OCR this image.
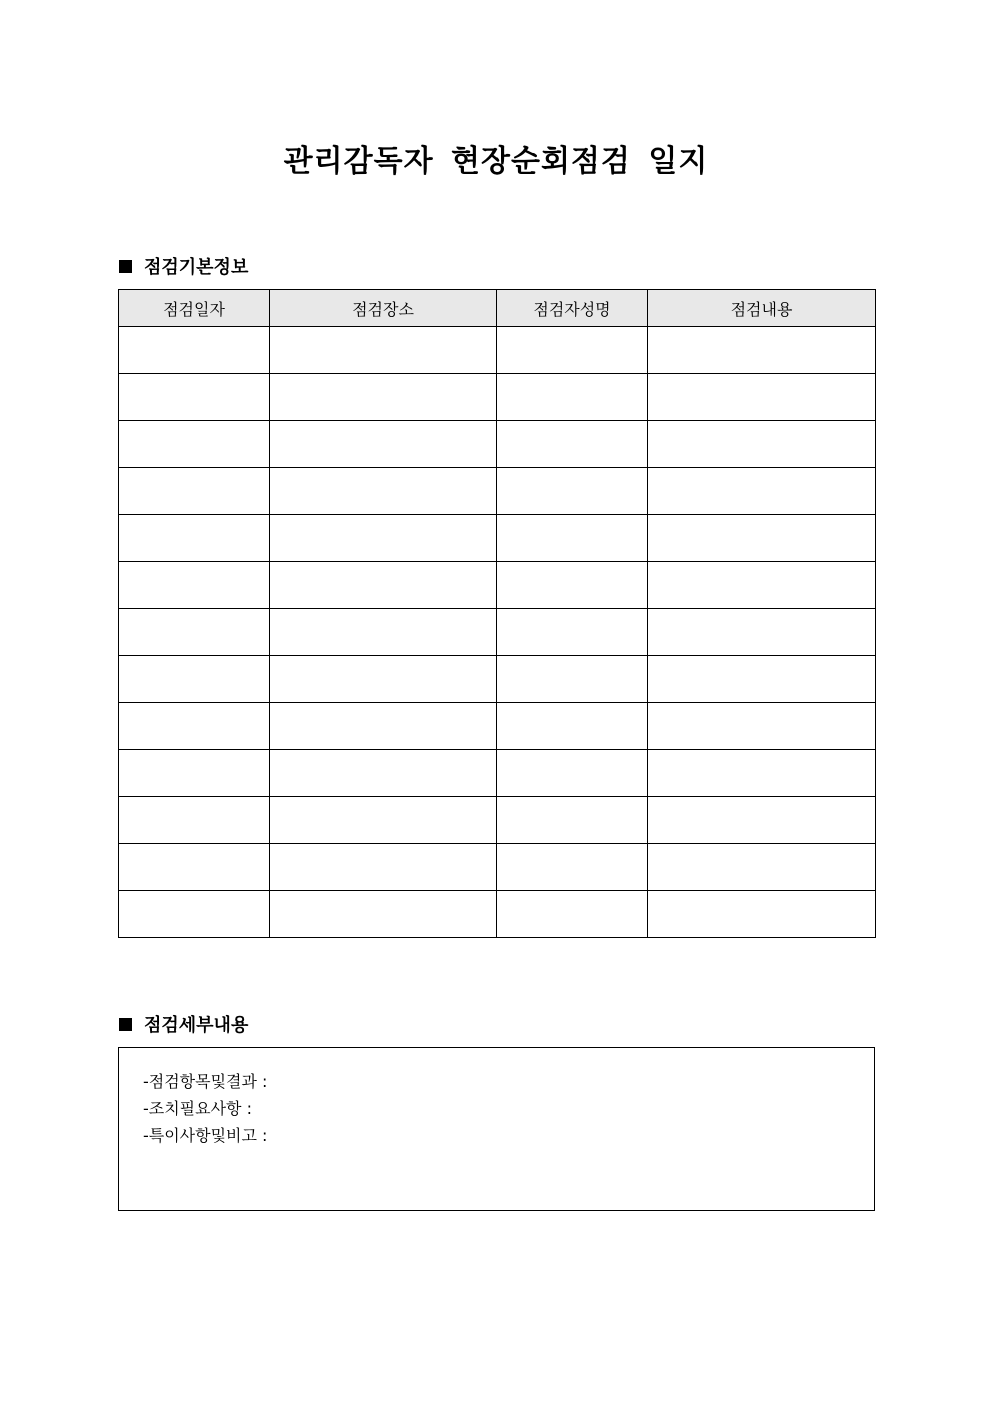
관리감독자 현장순회점검 일지
점검기본정보
점검일자	점검장소	점검자성명	점검내용

점검세부내용
-점검항목및결과 :
-조치필요사항 :
-특이사항및비고 :
